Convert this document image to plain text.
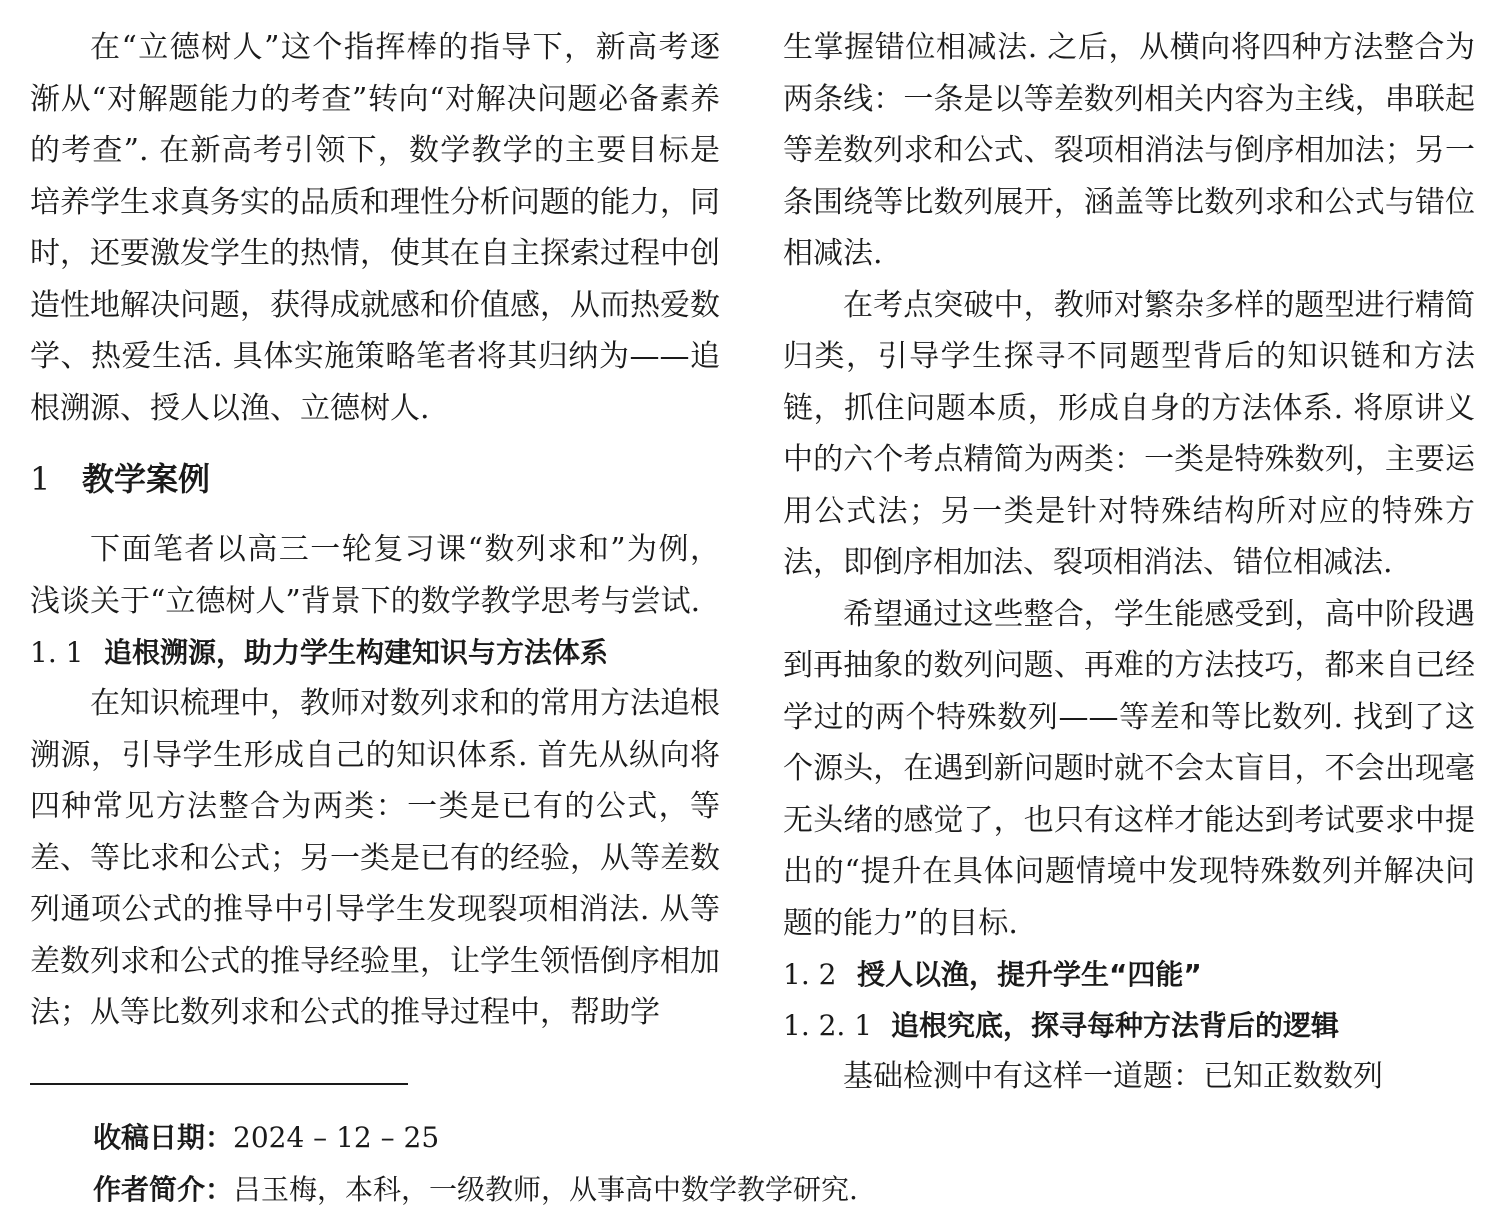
在“立德树人”这个指挥棒的指导下，新高考逐渐从“对解题能力的考查”转向“对解决问题必备素养的考查”. 在新高考引领下，数学教学的主要目标是培养学生求真务实的品质和理性分析问题的能力，同时，还要激发学生的热情，使其在自主探索过程中创造性地解决问题，获得成就感和价值感，从而热爱数学、热爱生活. 具体实施策略笔者将其归纳为——追根溯源、授人以渔、立德树人.

1 教学案例

下面笔者以高三一轮复习课“数列求和”为例，浅谈关于“立德树人”背景下的数学教学思考与尝试.

1. 1 追根溯源，助力学生构建知识与方法体系

在知识梳理中，教师对数列求和的常用方法追根溯源，引导学生形成自己的知识体系. 首先从纵向将四种常见方法整合为两类：一类是已有的公式，等差、等比求和公式；另一类是已有的经验，从等差数列通项公式的推导中引导学生发现裂项相消法. 从等差数列求和公式的推导经验里，让学生领悟倒序相加法；从等比数列求和公式的推导过程中，帮助学

生掌握错位相减法. 之后，从横向将四种方法整合为两条线：一条是以等差数列相关内容为主线，串联起等差数列求和公式、裂项相消法与倒序相加法；另一条围绕等比数列展开，涵盖等比数列求和公式与错位相减法.

在考点突破中，教师对繁杂多样的题型进行精简归类，引导学生探寻不同题型背后的知识链和方法链，抓住问题本质，形成自身的方法体系. 将原讲义中的六个考点精简为两类：一类是特殊数列，主要运用公式法；另一类是针对特殊结构所对应的特殊方法，即倒序相加法、裂项相消法、错位相减法.

希望通过这些整合，学生能感受到，高中阶段遇到再抽象的数列问题、再难的方法技巧，都来自已经学过的两个特殊数列——等差和等比数列. 找到了这个源头，在遇到新问题时就不会太盲目，不会出现毫无头绪的感觉了，也只有这样才能达到考试要求中提出的“提升在具体问题情境中发现特殊数列并解决问题的能力”的目标.

1. 2 授人以渔，提升学生“四能”
1. 2. 1 追根究底，探寻每种方法背后的逻辑

基础检测中有这样一道题：已知正数数列

收稿日期：2024 – 12 – 25
作者简介：吕玉梅，本科，一级教师，从事高中数学教学研究.
